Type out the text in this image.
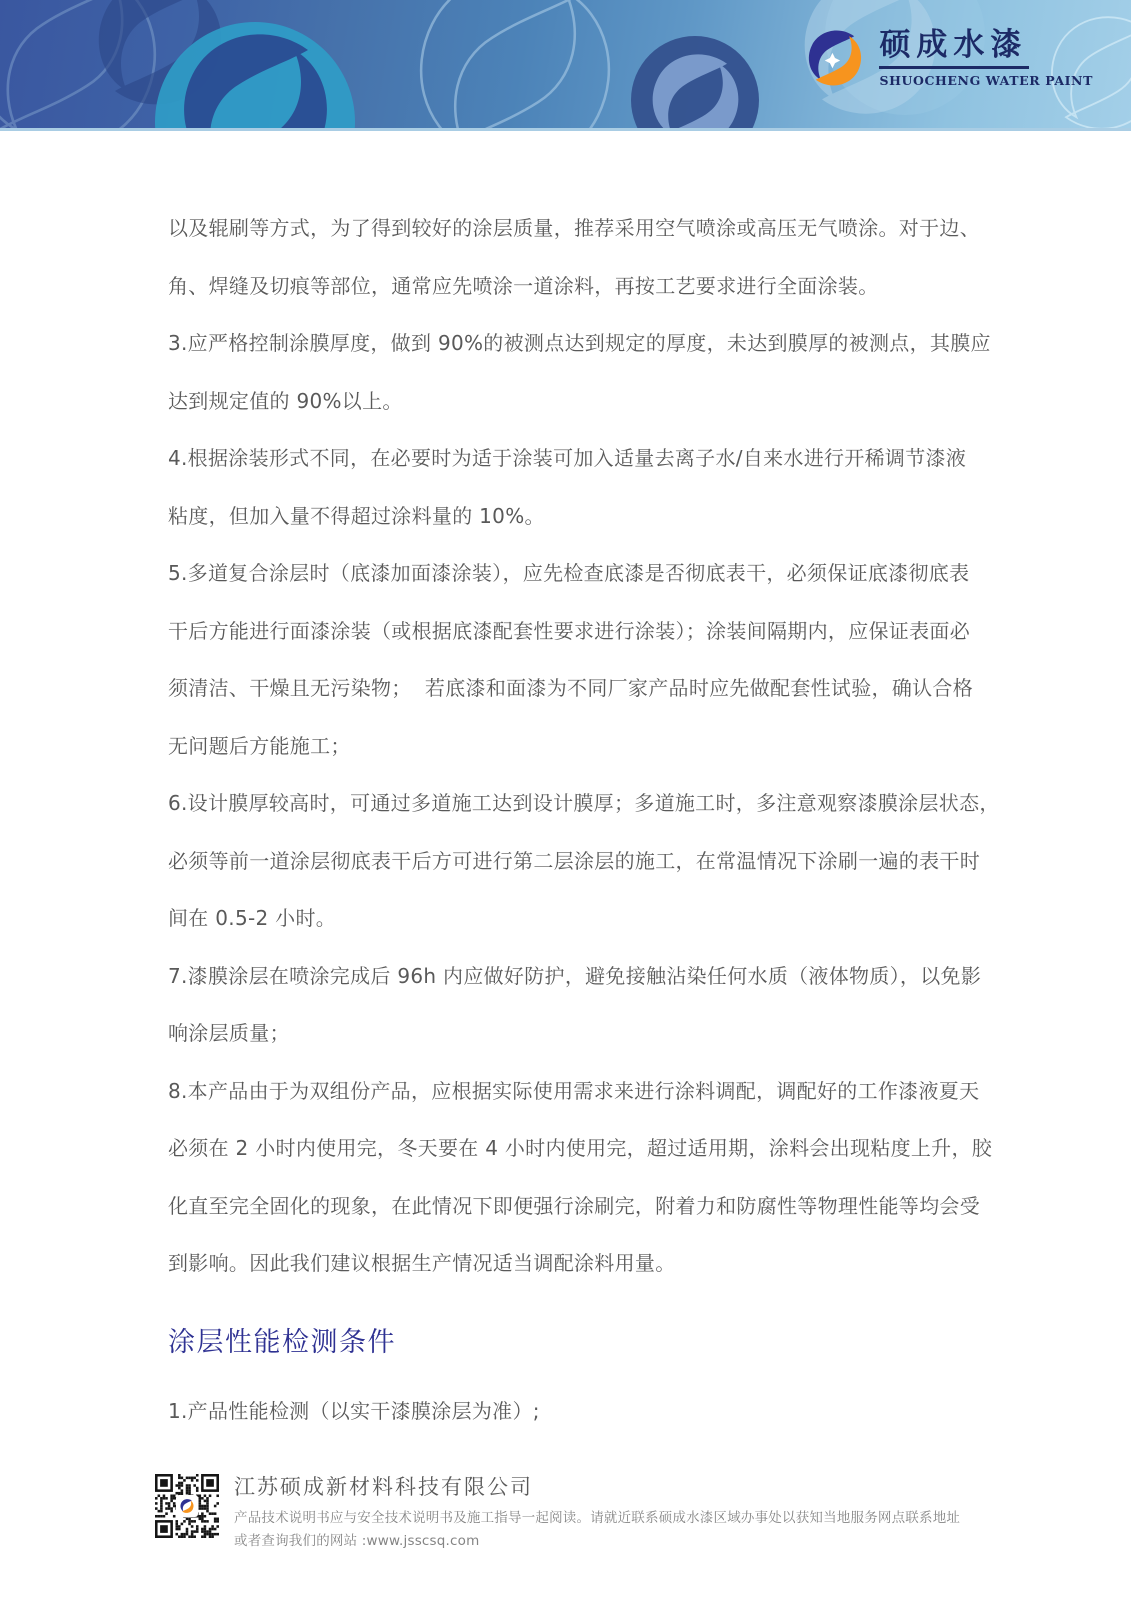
硕成水漆
SHUOCHENG WATER PAINT
以及辊刷等方式，为了得到较好的涂层质量，推荐采用空气喷涂或高压无气喷涂。对于边、
角、焊缝及切痕等部位，通常应先喷涂一道涂料，再按工艺要求进行全面涂装。
3.应严格控制涂膜厚度，做到 90%的被测点达到规定的厚度，未达到膜厚的被测点，其膜应
达到规定值的 90%以上。
4.根据涂装形式不同，在必要时为适于涂装可加入适量去离子水/自来水进行开稀调节漆液
粘度，但加入量不得超过涂料量的 10%。
5.多道复合涂层时（底漆加面漆涂装），应先检查底漆是否彻底表干，必须保证底漆彻底表
干后方能进行面漆涂装（或根据底漆配套性要求进行涂装）；涂装间隔期内，应保证表面必
须清洁、干燥且无污染物；  若底漆和面漆为不同厂家产品时应先做配套性试验，确认合格
无问题后方能施工；
6.设计膜厚较高时，可通过多道施工达到设计膜厚；多道施工时，多注意观察漆膜涂层状态，
必须等前一道涂层彻底表干后方可进行第二层涂层的施工，在常温情况下涂刷一遍的表干时
间在 0.5-2 小时。
7.漆膜涂层在喷涂完成后 96h 内应做好防护，避免接触沾染任何水质（液体物质），以免影
响涂层质量；
8.本产品由于为双组份产品，应根据实际使用需求来进行涂料调配，调配好的工作漆液夏天
必须在 2 小时内使用完，冬天要在 4 小时内使用完，超过适用期，涂料会出现粘度上升，胶
化直至完全固化的现象，在此情况下即便强行涂刷完，附着力和防腐性等物理性能等均会受
到影响。因此我们建议根据生产情况适当调配涂料用量。
涂层性能检测条件
1.产品性能检测（以实干漆膜涂层为准）;
江苏硕成新材料科技有限公司
产品技术说明书应与安全技术说明书及施工指导一起阅读。请就近联系硕成水漆区域办事处以获知当地服务网点联系地址
或者查询我们的网站 :www.jsscsq.com
